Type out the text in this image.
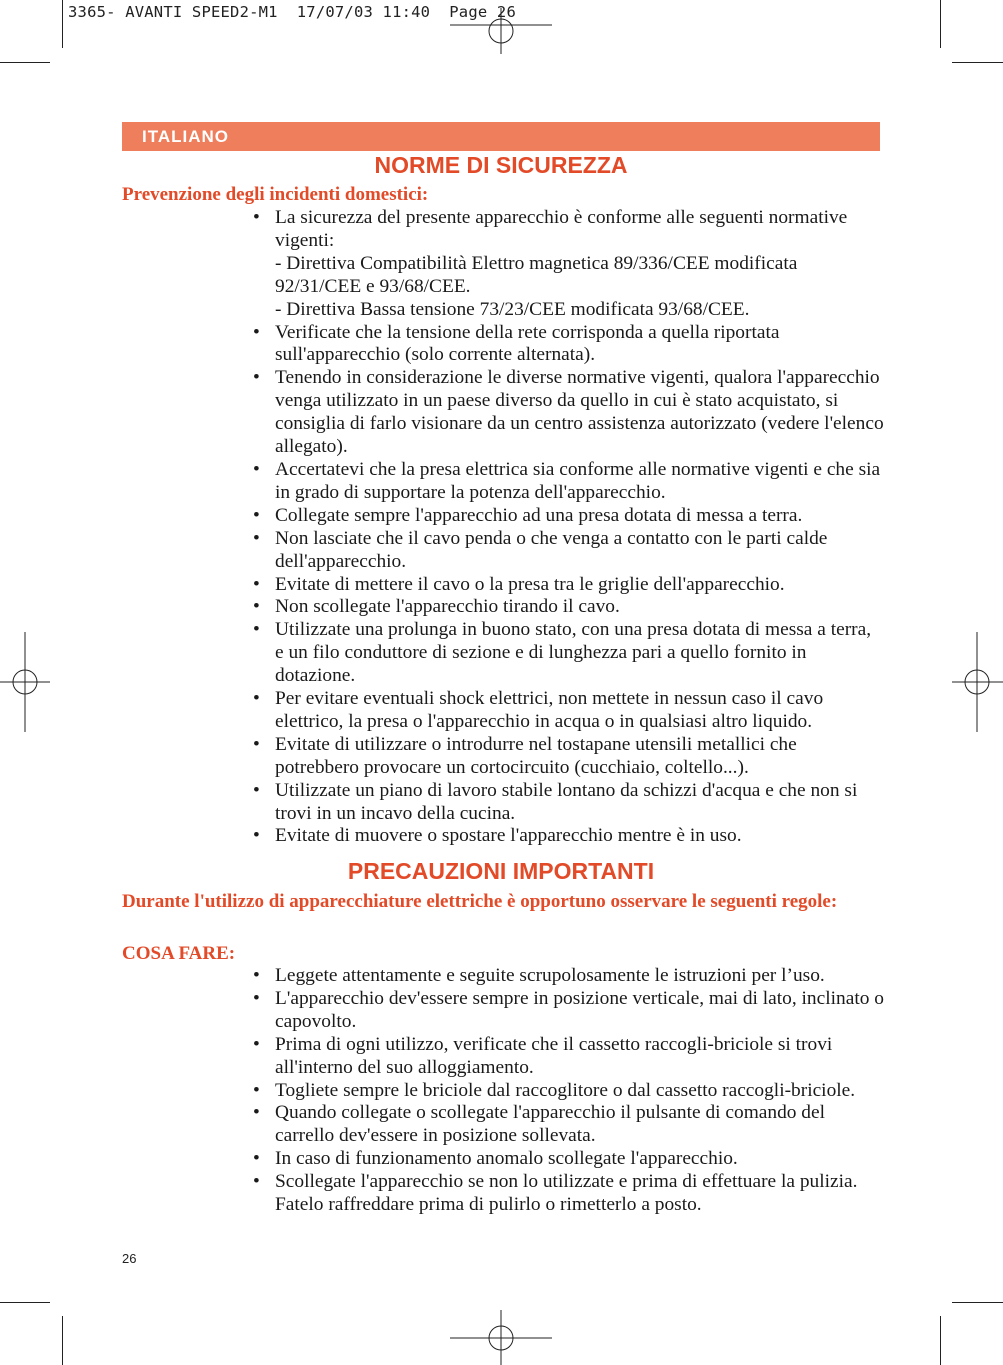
3365- AVANTI SPEED2-M1  17/07/03 11:40  Page 26
ITALIANO
NORME DI SICUREZZA
Prevenzione degli incidenti domestici:
• La sicurezza del presente apparecchio è conforme alle seguenti normative vigenti:
- Direttiva Compatibilità Elettro magnetica 89/336/CEE modificata 92/31/CEE e 93/68/CEE.
- Direttiva Bassa tensione 73/23/CEE modificata 93/68/CEE.
• Verificate che la tensione della rete corrisponda a quella riportata sull'apparecchio (solo corrente alternata).
• Tenendo in considerazione le diverse normative vigenti, qualora l'apparecchio venga utilizzato in un paese diverso da quello in cui è stato acquistato, si consiglia di farlo visionare da un centro assistenza autorizzato (vedere l'elenco allegato).
• Accertatevi che la presa elettrica sia conforme alle normative vigenti e che sia in grado di supportare la potenza dell'apparecchio.
• Collegate sempre l'apparecchio ad una presa dotata di messa a terra.
• Non lasciate che il cavo penda o che venga a contatto con le parti calde dell'apparecchio.
• Evitate di mettere il cavo o la presa tra le griglie dell'apparecchio.
• Non scollegate l'apparecchio tirando il cavo.
• Utilizzate una prolunga in buono stato, con una presa dotata di messa a terra, e un filo conduttore di sezione e di lunghezza pari a quello fornito in dotazione.
• Per evitare eventuali shock elettrici, non mettete in nessun caso il cavo elettrico, la presa o l'apparecchio in acqua o in qualsiasi altro liquido.
• Evitate di utilizzare o introdurre nel tostapane utensili metallici che potrebbero provocare un cortocircuito (cucchiaio, coltello...).
• Utilizzate un piano di lavoro stabile lontano da schizzi d'acqua e che non si trovi in un incavo della cucina.
• Evitate di muovere o spostare l'apparecchio mentre è in uso.
PRECAUZIONI IMPORTANTI
Durante l'utilizzo di apparecchiature elettriche è opportuno osservare le seguenti regole:
COSA FARE:
• Leggete attentamente e seguite scrupolosamente le istruzioni per l’uso.
• L'apparecchio dev'essere sempre in posizione verticale, mai di lato, inclinato o capovolto.
• Prima di ogni utilizzo, verificate che il cassetto raccogli-briciole si trovi all'interno del suo alloggiamento.
• Togliete sempre le briciole dal raccoglitore o dal cassetto raccogli-briciole.
• Quando collegate o scollegate l'apparecchio il pulsante di comando del carrello dev'essere in posizione sollevata.
• In caso di funzionamento anomalo scollegate l'apparecchio.
• Scollegate l'apparecchio se non lo utilizzate e prima di effettuare la pulizia. Fatelo raffreddare prima di pulirlo o rimetterlo a posto.
26
